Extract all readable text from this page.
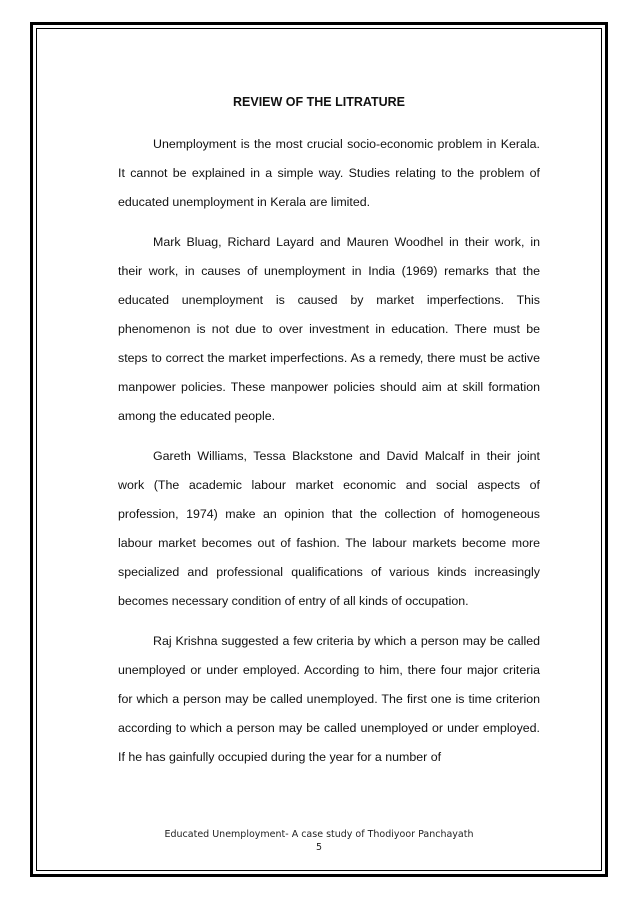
REVIEW OF THE LITRATURE

Unemployment is the most crucial socio-economic problem in Kerala. It cannot be explained in a simple way. Studies relating to the problem of educated unemployment in Kerala are limited.

Mark Bluag, Richard Layard and Mauren Woodhel in their work, in their work, in causes of unemployment in India (1969) remarks that the educated unemployment is caused by market imperfections. This phenomenon is not due to over investment in education. There must be steps to correct the market imperfections. As a remedy, there must be active manpower policies. These manpower policies should aim at skill formation among the educated people.

Gareth Williams, Tessa Blackstone and David Malcalf in their joint work (The academic labour market economic and social aspects of profession, 1974) make an opinion that the collection of homogeneous labour market becomes out of fashion. The labour markets become more specialized and professional qualifications of various kinds increasingly becomes necessary condition of entry of all kinds of occupation.

Raj Krishna suggested a few criteria by which a person may be called unemployed or under employed. According to him, there four major criteria for which a person may be called unemployed. The first one is time criterion according to which a person may be called unemployed or under employed. If he has gainfully occupied during the year for a number of

Educated Unemployment- A case study of Thodiyoor Panchayath
5
